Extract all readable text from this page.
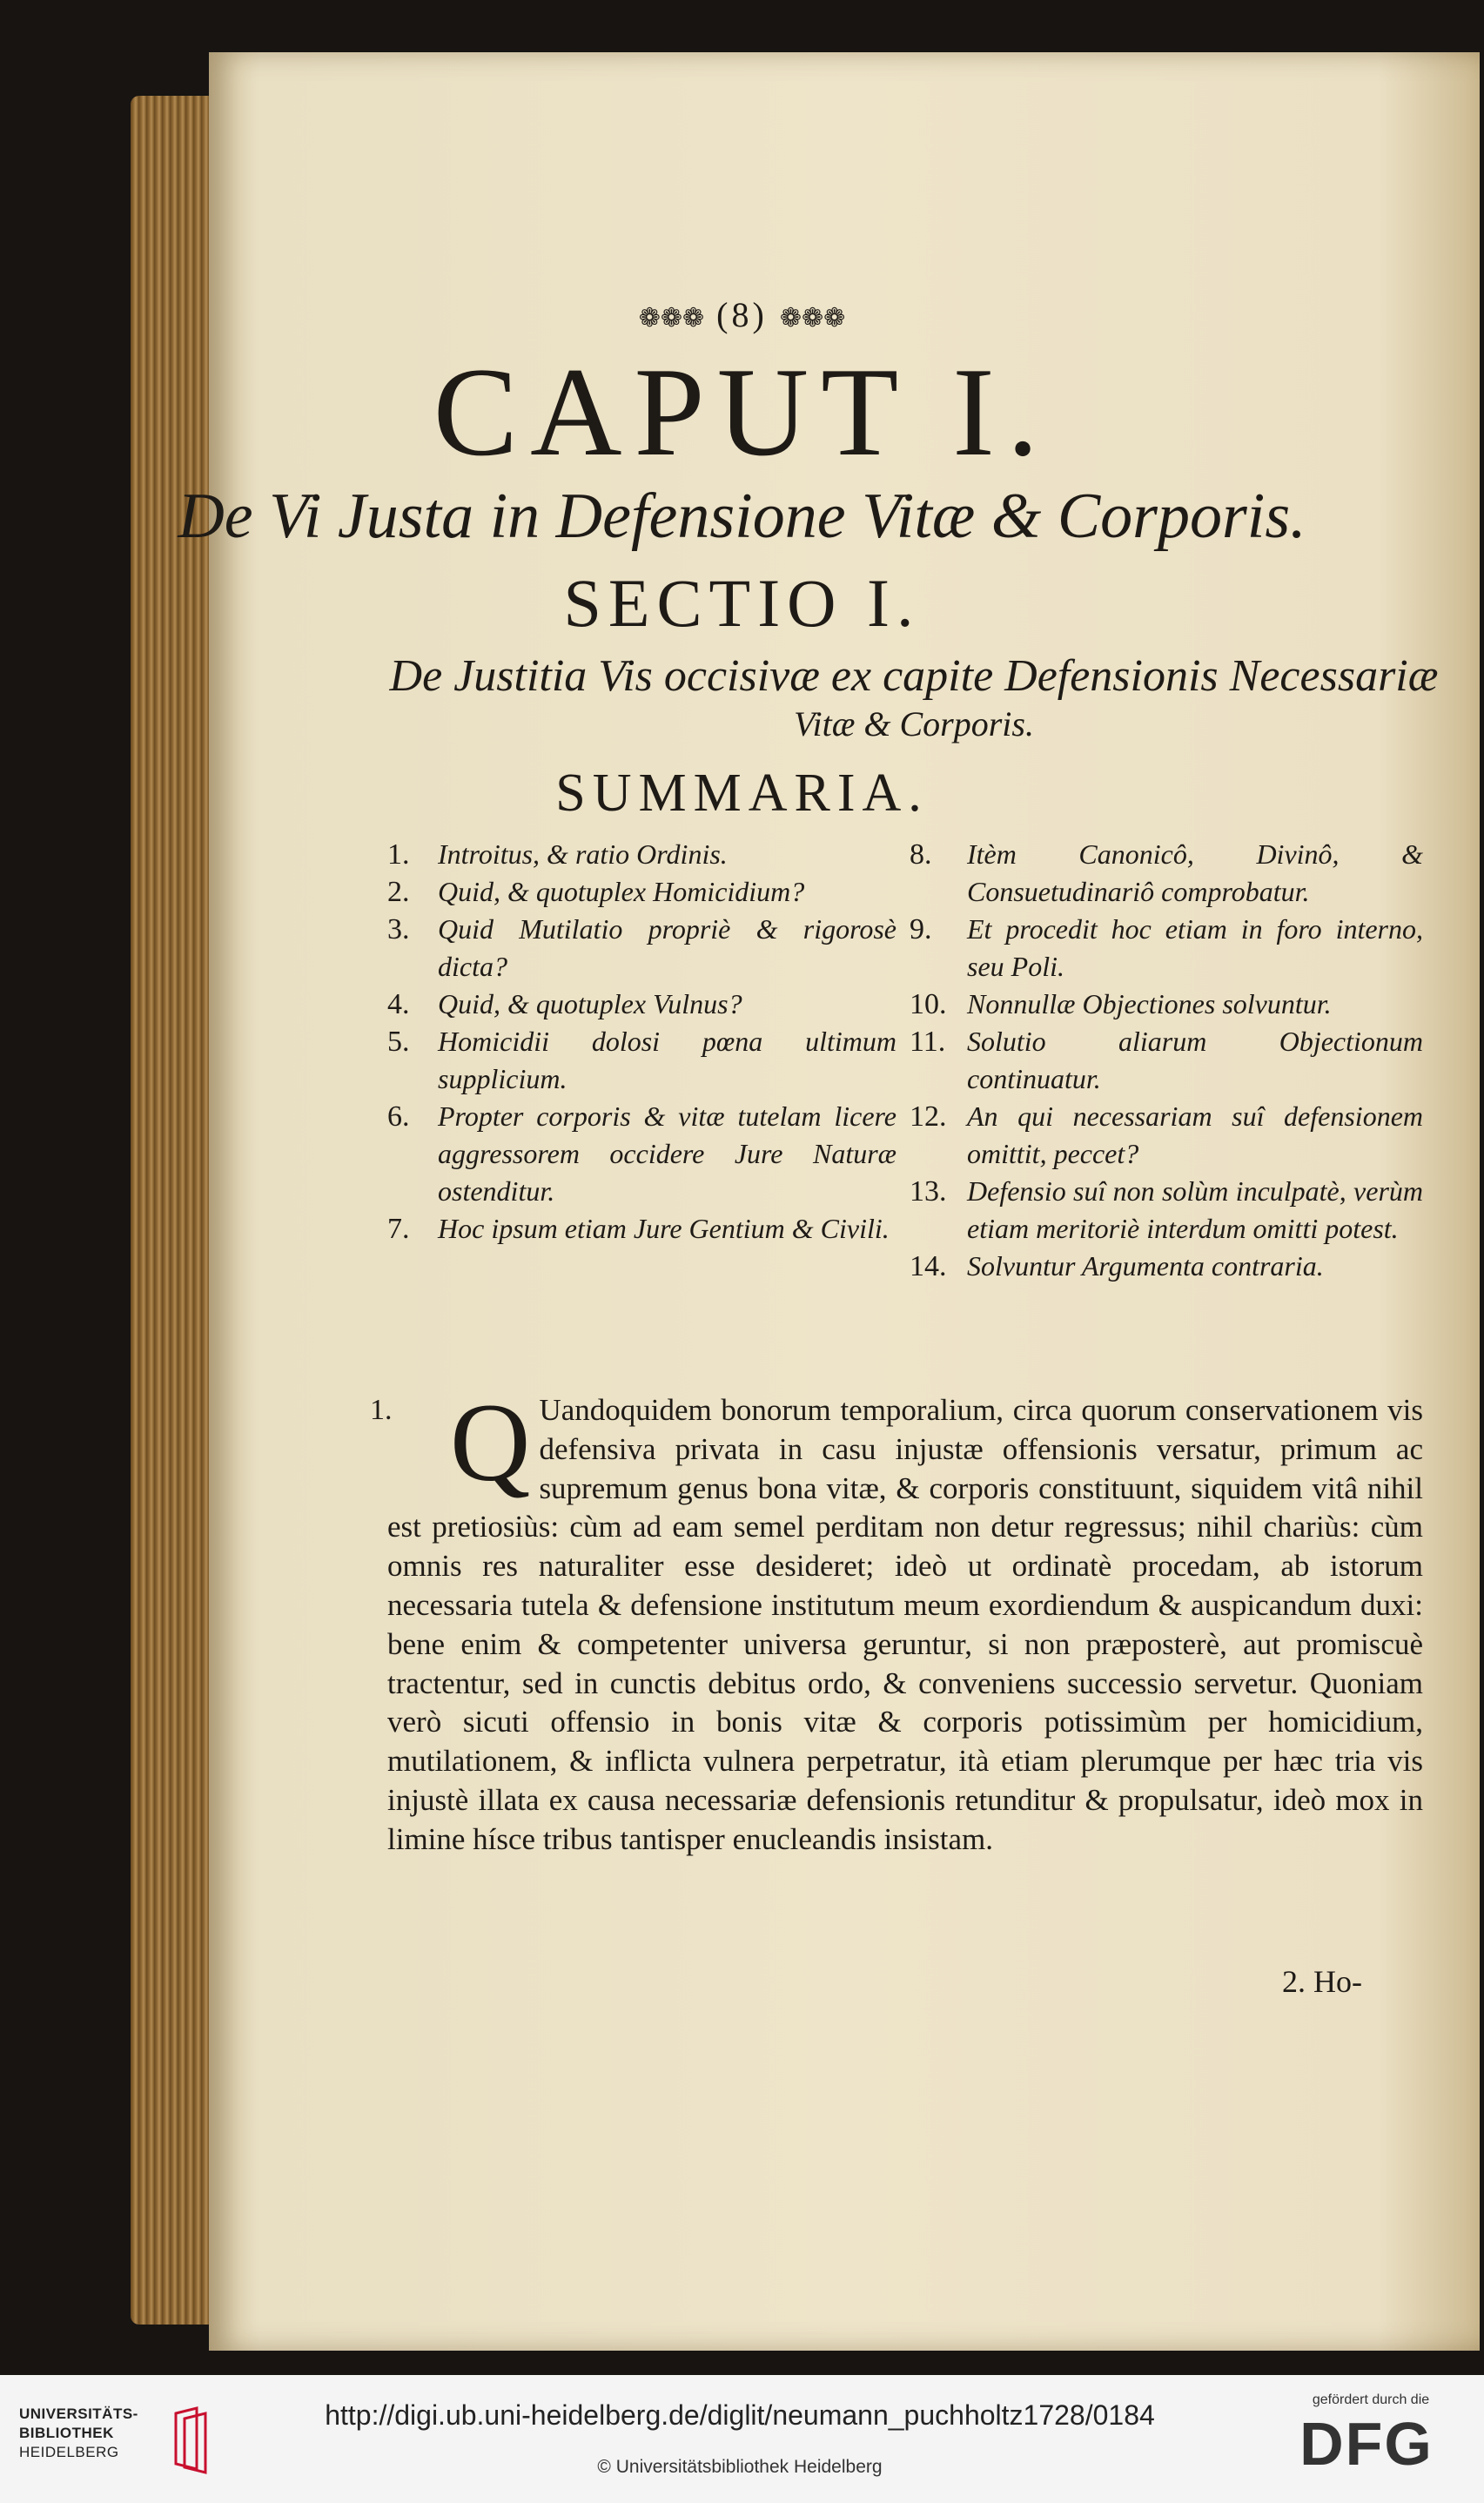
❁❁❁ (8) ❁❁❁
CAPUT I.
De Vi Justa in Defensione Vitæ & Corporis.
SECTIO I.
De Justitia Vis occisivæ ex capite Defensionis Necessariæ
Vitæ & Corporis.
SUMMARIA.
1.	Introitus, & ratio Ordinis.
2.	Quid, & quotuplex Homicidium?
3.	Quid Mutilatio propriè & rigorosè dicta?
4.	Quid, & quotuplex Vulnus?
5.	Homicidii dolosi pœna ultimum supplicium.
6.	Propter corporis & vitæ tutelam licere aggressorem occidere Jure Naturæ ostenditur.
7.	Hoc ipsum etiam Jure Gentium & Civili.
8.	Itèm Canonicô, Divinô, & Consuetudinariô comprobatur.
9.	Et procedit hoc etiam in foro interno, seu Poli.
10. Nonnullæ Objectiones solvuntur.
11. Solutio aliarum Objectionum continuatur.
12. An qui necessariam suî defensionem omittit, peccet?
13. Defensio suî non solùm inculpatè, verùm etiam meritoriè interdum omitti potest.
14. Solvuntur Argumenta contraria.
1. Q Uandoquidem bonorum temporalium, circa quorum conservationem vis defensiva privata in casu injustæ offensionis versatur, primum ac supremum genus bona vitæ, & corporis constituunt, siquidem vitâ nihil est pretiosiùs: cùm ad eam semel perditam non detur regressus; nihil chariùs: cùm omnis res naturaliter esse desideret; ideò ut ordinatè procedam, ab istorum necessaria tutela & defensione institutum meum exordiendum & auspicandum duxi: bene enim & competenter universa geruntur, si non præposterè, aut promiscuè tractentur, sed in cunctis debitus ordo, & conveniens successio servetur. Quoniam verò sicuti offensio in bonis vitæ & corporis potissimùm per homicidium, mutilationem, & inflicta vulnera perpetratur, ità etiam plerumque per hæc tria vis injustè illata ex causa necessariæ defensionis retunditur & propulsatur, ideò mox in limine hísce tribus tantisper enucleandis insistam.
2. Ho-
UNIVERSITÄTS-
BIBLIOTHEK
HEIDELBERG
http://digi.ub.uni-heidelberg.de/diglit/neumann_puchholtz1728/0184
© Universitätsbibliothek Heidelberg
gefördert durch die
DFG
